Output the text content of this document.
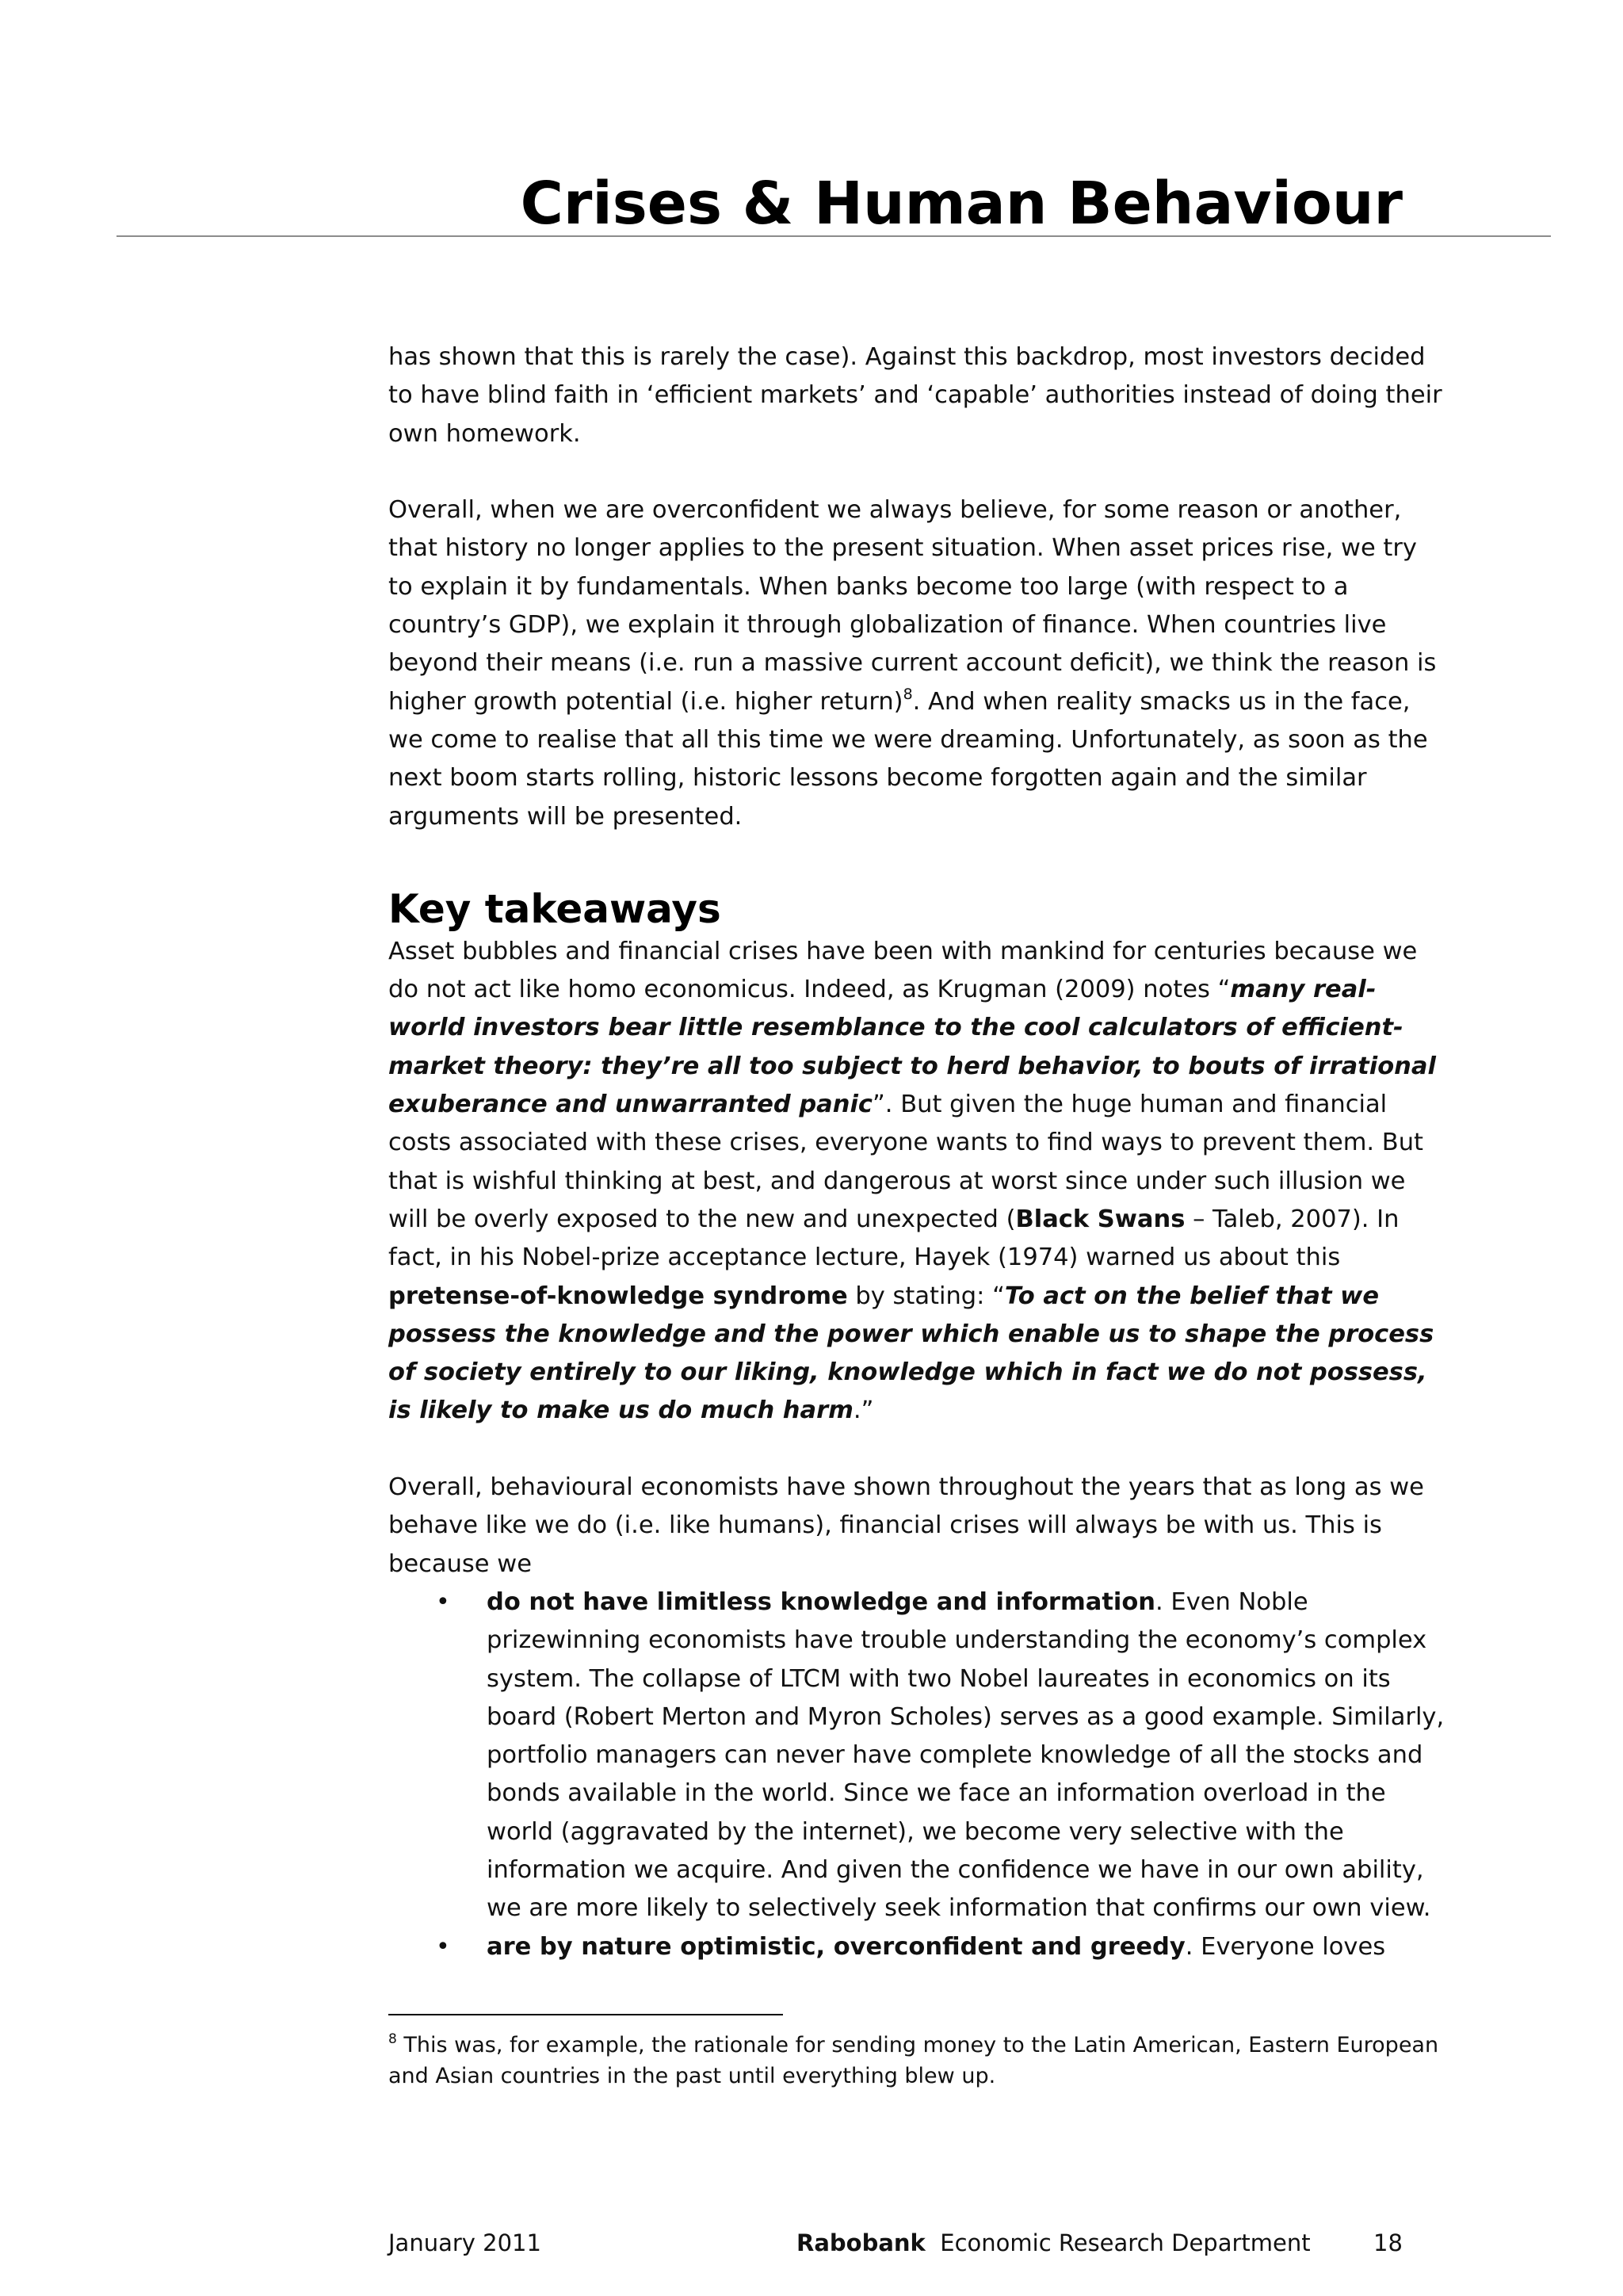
Crises & Human Behaviour

has shown that this is rarely the case). Against this backdrop, most investors decided to have blind faith in ‘efficient markets’ and ‘capable’ authorities instead of doing their own homework.

Overall, when we are overconfident we always believe, for some reason or another, that history no longer applies to the present situation. When asset prices rise, we try to explain it by fundamentals. When banks become too large (with respect to a country’s GDP), we explain it through globalization of finance. When countries live beyond their means (i.e. run a massive current account deficit), we think the reason is higher growth potential (i.e. higher return)$^8$. And when reality smacks us in the face, we come to realise that all this time we were dreaming. Unfortunately, as soon as the next boom starts rolling, historic lessons become forgotten again and the similar arguments will be presented.

Key takeaways

Asset bubbles and financial crises have been with mankind for centuries because we do not act like homo economicus. Indeed, as Krugman (2009) notes “many real-world investors bear little resemblance to the cool calculators of efficient-market theory: they’re all too subject to herd behavior, to bouts of irrational exuberance and unwarranted panic”. But given the huge human and financial costs associated with these crises, everyone wants to find ways to prevent them. But that is wishful thinking at best, and dangerous at worst since under such illusion we will be overly exposed to the new and unexpected (Black Swans – Taleb, 2007). In fact, in his Nobel-prize acceptance lecture, Hayek (1974) warned us about this pretense-of-knowledge syndrome by stating: “To act on the belief that we possess the knowledge and the power which enable us to shape the process of society entirely to our liking, knowledge which in fact we do not possess, is likely to make us do much harm.”

Overall, behavioural economists have shown throughout the years that as long as we behave like we do (i.e. like humans), financial crises will always be with us. This is because we

• do not have limitless knowledge and information. Even Noble prizewinning economists have trouble understanding the economy’s complex system. The collapse of LTCM with two Nobel laureates in economics on its board (Robert Merton and Myron Scholes) serves as a good example. Similarly, portfolio managers can never have complete knowledge of all the stocks and bonds available in the world. Since we face an information overload in the world (aggravated by the internet), we become very selective with the information we acquire. And given the confidence we have in our own ability, we are more likely to selectively seek information that confirms our own view.
• are by nature optimistic, overconfident and greedy. Everyone loves
$^8$ This was, for example, the rationale for sending money to the Latin American, Eastern European and Asian countries in the past until everything blew up.
January 2011	Rabobank  Economic Research Department	18
